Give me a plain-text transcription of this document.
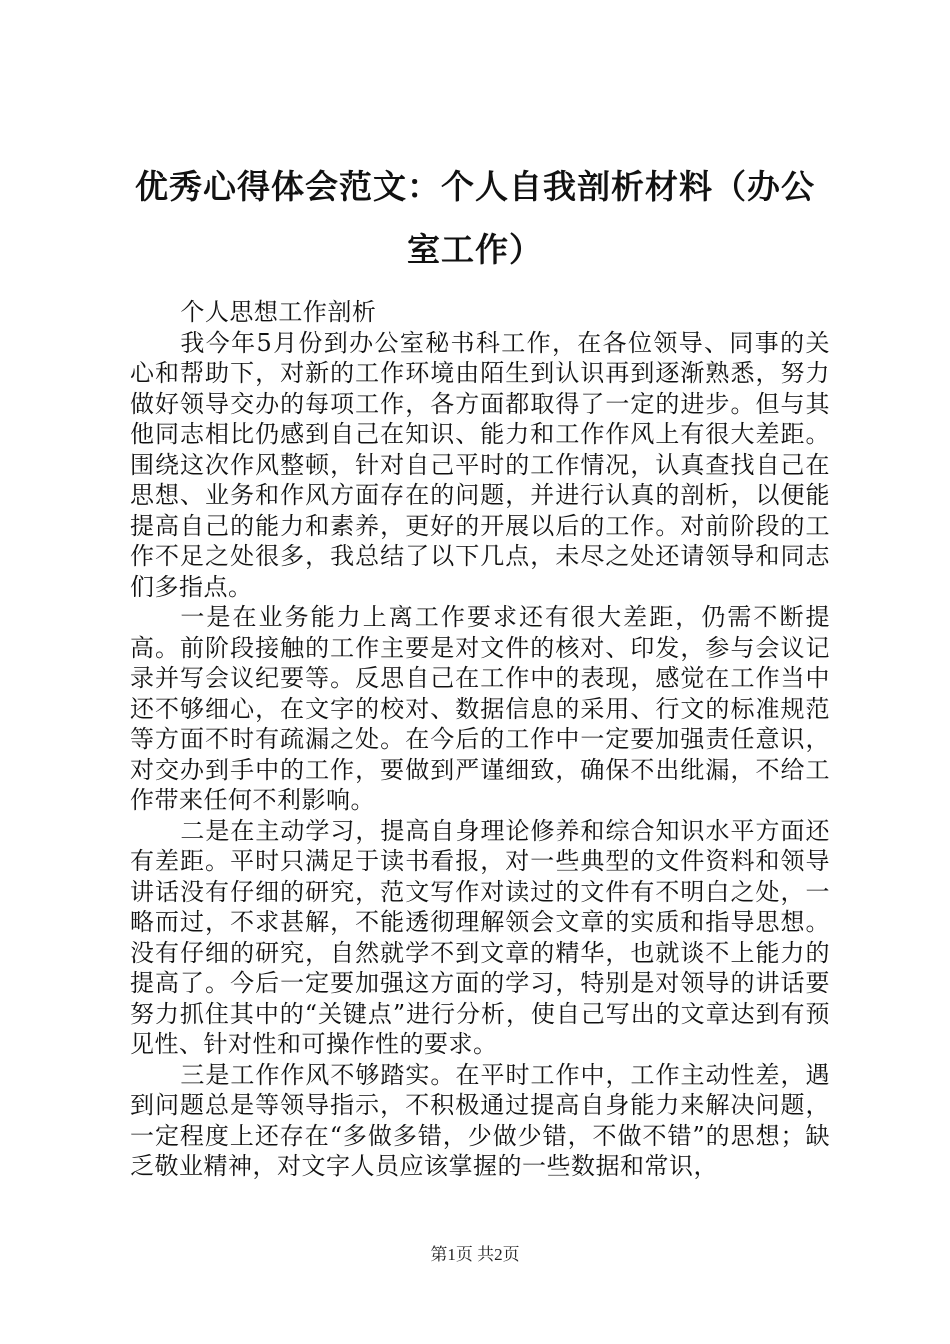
优秀心得体会范文：个人自我剖析材料（办公
室工作）

个人思想工作剖析

我今年5月份到办公室秘书科工作，在各位领导、同事的关心和帮助下，对新的工作环境由陌生到认识再到逐渐熟悉，努力做好领导交办的每项工作，各方面都取得了一定的进步。但与其他同志相比仍感到自己在知识、能力和工作作风上有很大差距。围绕这次作风整顿，针对自己平时的工作情况，认真查找自己在思想、业务和作风方面存在的问题，并进行认真的剖析，以便能提高自己的能力和素养，更好的开展以后的工作。对前阶段的工作不足之处很多，我总结了以下几点，未尽之处还请领导和同志们多指点。

一是在业务能力上离工作要求还有很大差距，仍需不断提高。前阶段接触的工作主要是对文件的核对、印发，参与会议记录并写会议纪要等。反思自己在工作中的表现，感觉在工作当中还不够细心，在文字的校对、数据信息的采用、行文的标准规范等方面不时有疏漏之处。在今后的工作中一定要加强责任意识，对交办到手中的工作，要做到严谨细致，确保不出纰漏，不给工作带来任何不利影响。

二是在主动学习，提高自身理论修养和综合知识水平方面还有差距。平时只满足于读书看报，对一些典型的文件资料和领导讲话没有仔细的研究，范文写作对读过的文件有不明白之处，一略而过，不求甚解，不能透彻理解领会文章的实质和指导思想。没有仔细的研究，自然就学不到文章的精华，也就谈不上能力的提高了。今后一定要加强这方面的学习，特别是对领导的讲话要努力抓住其中的“关键点”进行分析，使自己写出的文章达到有预见性、针对性和可操作性的要求。

三是工作作风不够踏实。在平时工作中，工作主动性差，遇到问题总是等领导指示，不积极通过提高自身能力来解决问题，一定程度上还存在“多做多错，少做少错，不做不错”的思想；缺乏敬业精神，对文字人员应该掌握的一些数据和常识，

第1页 共2页
